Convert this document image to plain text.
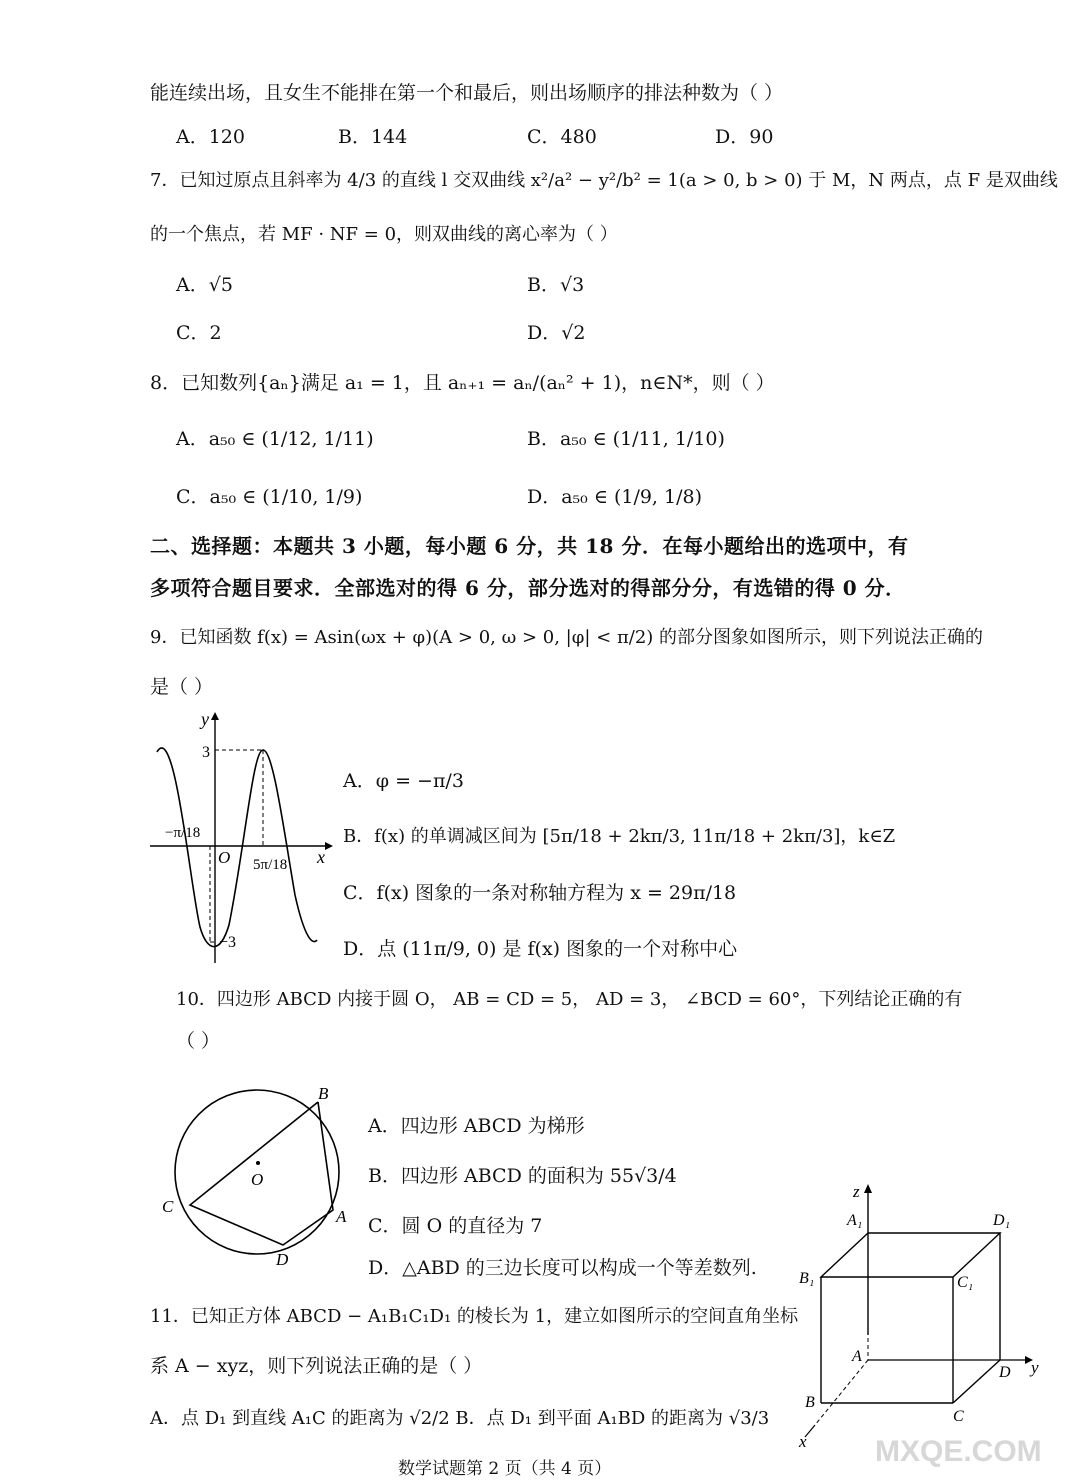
能连续出场，且女生不能排在第一个和最后，则出场顺序的排法种数为（ ）
A．120	B．144	C．480	D．90
7．已知过原点且斜率为 4/3 的直线 l 交双曲线 x²/a² − y²/b² = 1(a > 0, b > 0) 于 M，N 两点，点 F 是双曲线
的一个焦点，若 MF · NF = 0，则双曲线的离心率为（ ）
A．√5	B．√3
C．2	D．√2
8．已知数列{aₙ}满足 a₁ = 1，且 aₙ₊₁ = aₙ/(aₙ² + 1)，n∈N*，则（ ）
A．a₅₀ ∈ (1/12, 1/11)	B．a₅₀ ∈ (1/11, 1/10)
C．a₅₀ ∈ (1/10, 1/9)	D．a₅₀ ∈ (1/9, 1/8)
二、选择题：本题共 3 小题，每小题 6 分，共 18 分．在每小题给出的选项中，有
多项符合题目要求．全部选对的得 6 分，部分选对的得部分分，有选错的得 0 分．
9．已知函数 f(x) = Asin(ωx + φ)(A > 0, ω > 0, |φ| < π/2) 的部分图象如图所示，则下列说法正确的
是（ ）
y
x
O
3
−3
−π/18
5π/18
A．φ = −π/3
B．f(x) 的单调减区间为 [5π/18 + 2kπ/3, 11π/18 + 2kπ/3]，k∈Z
C．f(x) 图象的一条对称轴方程为 x = 29π/18
D．点 (11π/9, 0) 是 f(x) 图象的一个对称中心
10．四边形 ABCD 内接于圆 O， AB = CD = 5， AD = 3， ∠BCD = 60°，下列结论正确的有
（ ）
A
B
C
D
O
A．四边形 ABCD 为梯形
B．四边形 ABCD 的面积为 55√3/4
C．圆 O 的直径为 7
D．△ABD 的三边长度可以构成一个等差数列.
11．已知正方体 ABCD − A₁B₁C₁D₁ 的棱长为 1，建立如图所示的空间直角坐标
系 A − xyz，则下列说法正确的是（ ）
A．点 D₁ 到直线 A₁C 的距离为 √2/2 B．点 D₁ 到平面 A₁BD 的距离为 √3/3
z
A₁	D₁
B₁	C₁
A
D y
B
C
x
数学试题第 2 页（共 4 页）
MXQE.COM
